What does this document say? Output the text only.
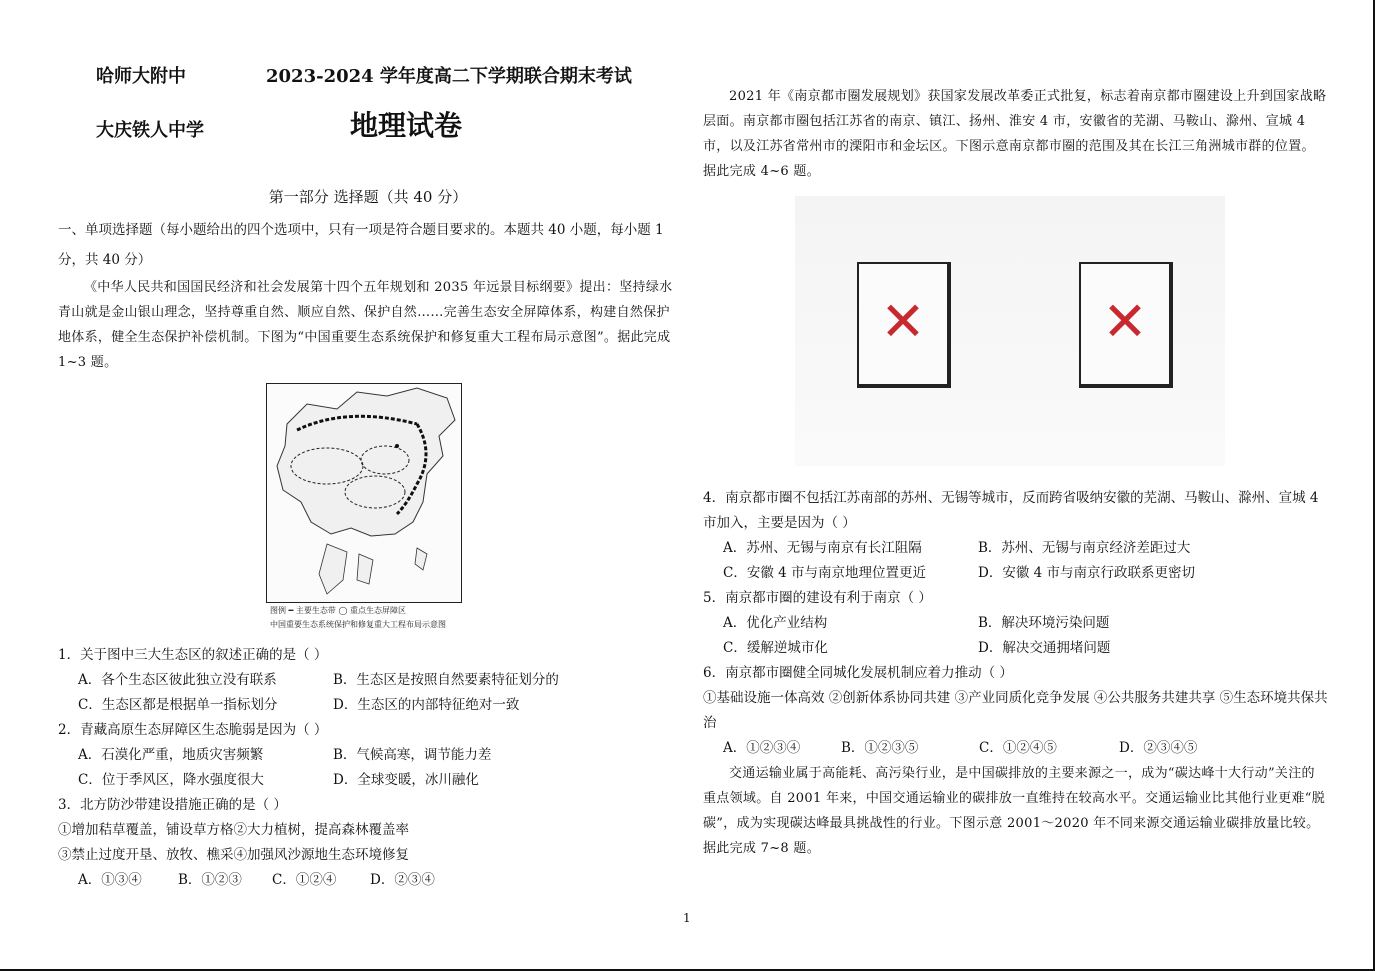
哈师大附中	2023-2024 学年度高二下学期联合期末考试
大庆铁人中学	地理试卷
第一部分 选择题（共 40 分）
一、单项选择题（每小题给出的四个选项中，只有一项是符合题目要求的。本题共 40 小题，每小题 1 分，共 40 分）
《中华人民共和国国民经济和社会发展第十四个五年规划和 2035 年远景目标纲要》提出：坚持绿水青山就是金山银山理念，坚持尊重自然、顺应自然、保护自然……完善生态安全屏障体系，构建自然保护地体系，健全生态保护补偿机制。下图为“中国重要生态系统保护和修复重大工程布局示意图”。据此完成 1~3 题。
图例 ━ 主要生态带 ◯ 重点生态屏障区
中国重要生态系统保护和修复重大工程布局示意图
1．关于图中三大生态区的叙述正确的是（ ）
A．各个生态区彼此独立没有联系	B．生态区是按照自然要素特征划分的
C．生态区都是根据单一指标划分	D．生态区的内部特征绝对一致
2．青藏高原生态屏障区生态脆弱是因为（ ）
A．石漠化严重，地质灾害频繁	B．气候高寒，调节能力差
C．位于季风区，降水强度很大	D．全球变暖，冰川融化
3．北方防沙带建设措施正确的是（ ）
①增加秸草覆盖，铺设草方格②大力植树，提高森林覆盖率
③禁止过度开垦、放牧、樵采④加强风沙源地生态环境修复
A．①③④	B．①②③	C．①②④	D．②③④
2021 年《南京都市圈发展规划》获国家发展改革委正式批复，标志着南京都市圈建设上升到国家战略层面。南京都市圈包括江苏省的南京、镇江、扬州、淮安 4 市，安徽省的芜湖、马鞍山、滁州、宣城 4 市，以及江苏省常州市的溧阳市和金坛区。下图示意南京都市圈的范围及其在长江三角洲城市群的位置。据此完成 4~6 题。
✕	✕
4．南京都市圈不包括江苏南部的苏州、无锡等城市，反而跨省吸纳安徽的芜湖、马鞍山、滁州、宣城 4 市加入，主要是因为（ ）
A．苏州、无锡与南京有长江阻隔	B．苏州、无锡与南京经济差距过大
C．安徽 4 市与南京地理位置更近	D．安徽 4 市与南京行政联系更密切
5．南京都市圈的建设有利于南京（ ）
A．优化产业结构	B．解决环境污染问题
C．缓解逆城市化	D．解决交通拥堵问题
6．南京都市圈健全同城化发展机制应着力推动（ ）
①基础设施一体高效 ②创新体系协同共建 ③产业同质化竞争发展 ④公共服务共建共享 ⑤生态环境共保共治
A．①②③④	B．①②③⑤	C．①②④⑤	D．②③④⑤
交通运输业属于高能耗、高污染行业，是中国碳排放的主要来源之一，成为“碳达峰十大行动”关注的重点领域。自 2001 年来，中国交通运输业的碳排放一直维持在较高水平。交通运输业比其他行业更难“脱碳”，成为实现碳达峰最具挑战性的行业。下图示意 2001～2020 年不同来源交通运输业碳排放量比较。据此完成 7~8 题。
1
